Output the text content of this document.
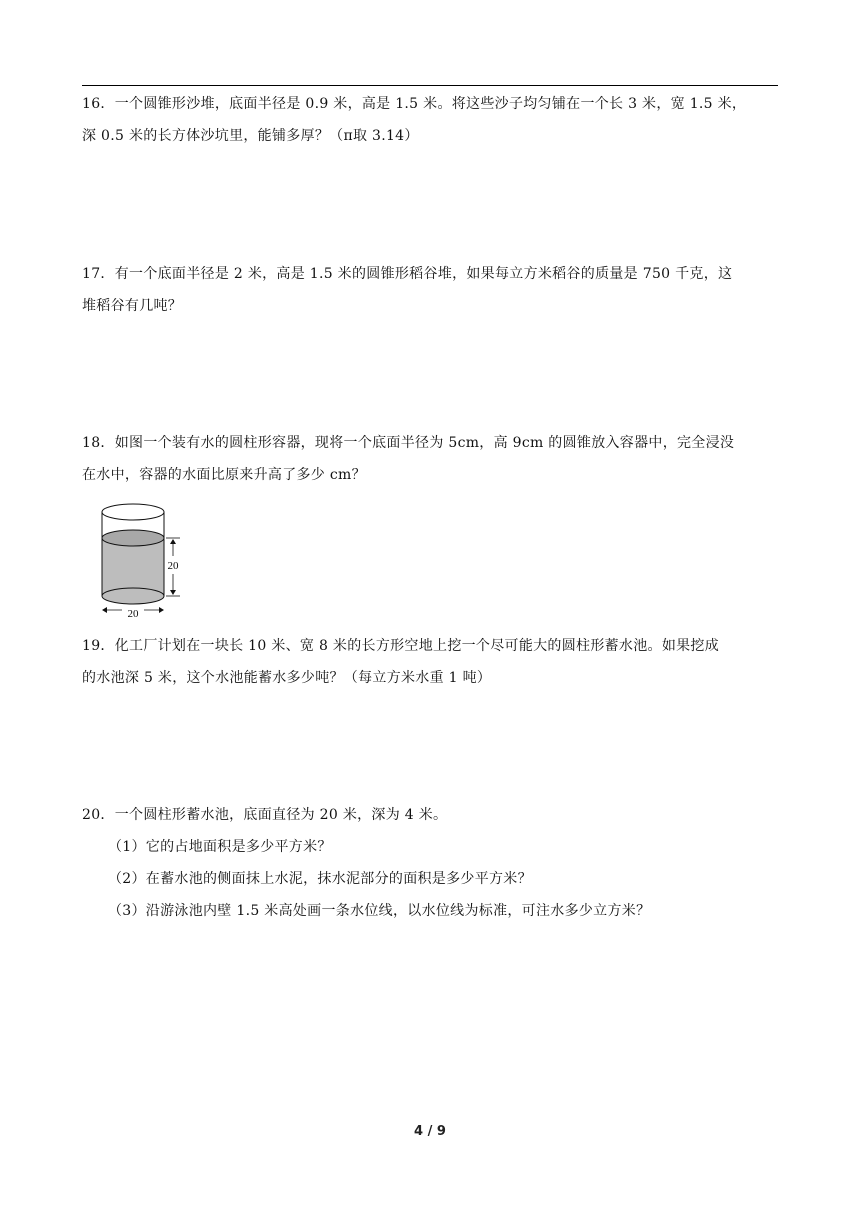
16．一个圆锥形沙堆，底面半径是 0.9 米，高是 1.5 米。将这些沙子均匀铺在一个长 3 米，宽 1.5 米，

深 0.5 米的长方体沙坑里，能铺多厚？（π取 3.14）

17．有一个底面半径是 2 米，高是 1.5 米的圆锥形稻谷堆，如果每立方米稻谷的质量是 750 千克，这

堆稻谷有几吨？

18．如图一个装有水的圆柱形容器，现将一个底面半径为 5cm，高 9cm 的圆锥放入容器中，完全浸没

在水中，容器的水面比原来升高了多少 cm？

20
20

19．化工厂计划在一块长 10 米、宽 8 米的长方形空地上挖一个尽可能大的圆柱形蓄水池。如果挖成

的水池深 5 米，这个水池能蓄水多少吨？（每立方米水重 1 吨）

20．一个圆柱形蓄水池，底面直径为 20 米，深为 4 米。

（1）它的占地面积是多少平方米？

（2）在蓄水池的侧面抹上水泥，抹水泥部分的面积是多少平方米？

（3）沿游泳池内壁 1.5 米高处画一条水位线，以水位线为标准，可注水多少立方米？

4 / 9
